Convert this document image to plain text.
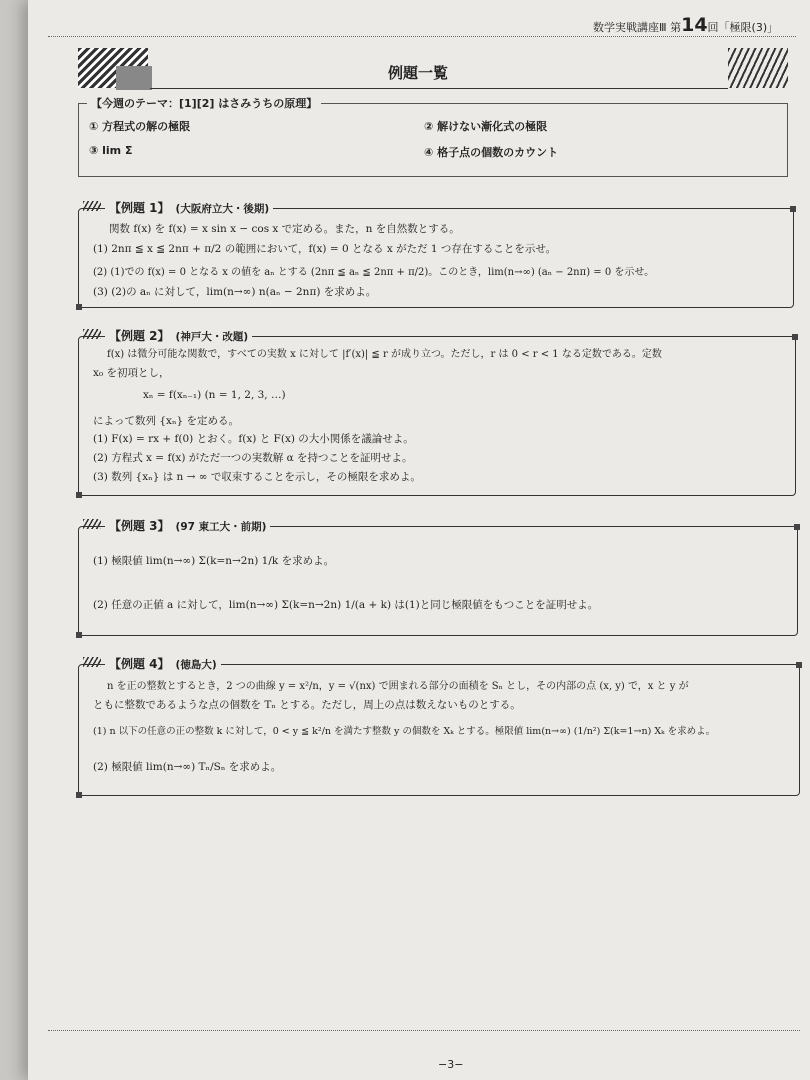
数学実戦講座Ⅲ 第14回「極限(3)」
例題一覧
【今週のテーマ：[1][2] はさみうちの原理】
① 方程式の解の極限	② 解けない漸化式の極限
③ lim Σ	④ 格子点の個数のカウント
【例題 1】 (大阪府立大・後期)
関数 f(x) を f(x) = x sin x − cos x で定める。また，n を自然数とする。
(1) 2nπ ≦ x ≦ 2nπ + π/2 の範囲において，f(x) = 0 となる x がただ 1 つ存在することを示せ。
(2) (1)での f(x) = 0 となる x の値を aₙ とする (2nπ ≦ aₙ ≦ 2nπ + π/2)。このとき，lim(n→∞) (aₙ − 2nπ) = 0 を示せ。
(3) (2)の aₙ に対して，lim(n→∞) n(aₙ − 2nπ) を求めよ。
【例題 2】 (神戸大・改題)
f(x) は微分可能な関数で，すべての実数 x に対して |f′(x)| ≦ r が成り立つ。ただし，r は 0 < r < 1 なる定数である。定数
x₀ を初項とし，
xₙ = f(xₙ₋₁) (n = 1, 2, 3, …)
によって数列 {xₙ} を定める。
(1) F(x) = rx + f(0) とおく。f(x) と F(x) の大小関係を議論せよ。
(2) 方程式 x = f(x) がただ一つの実数解 α を持つことを証明せよ。
(3) 数列 {xₙ} は n → ∞ で収束することを示し，その極限を求めよ。
【例題 3】 (97 東工大・前期)
(1) 極限値 lim(n→∞) Σ(k=n→2n) 1/k を求めよ。
(2) 任意の正値 a に対して，lim(n→∞) Σ(k=n→2n) 1/(a + k) は(1)と同じ極限値をもつことを証明せよ。
【例題 4】 (徳島大)
n を正の整数とするとき，2 つの曲線 y = x²/n，y = √(nx) で囲まれる部分の面積を Sₙ とし，その内部の点 (x, y) で，x と y が
ともに整数であるような点の個数を Tₙ とする。ただし，周上の点は数えないものとする。
(1) n 以下の任意の正の整数 k に対して，0 < y ≦ k²/n を満たす整数 y の個数を Xₖ とする。極限値 lim(n→∞) (1/n²) Σ(k=1→n) Xₖ を求めよ。
(2) 極限値 lim(n→∞) Tₙ/Sₙ を求めよ。
−3−
